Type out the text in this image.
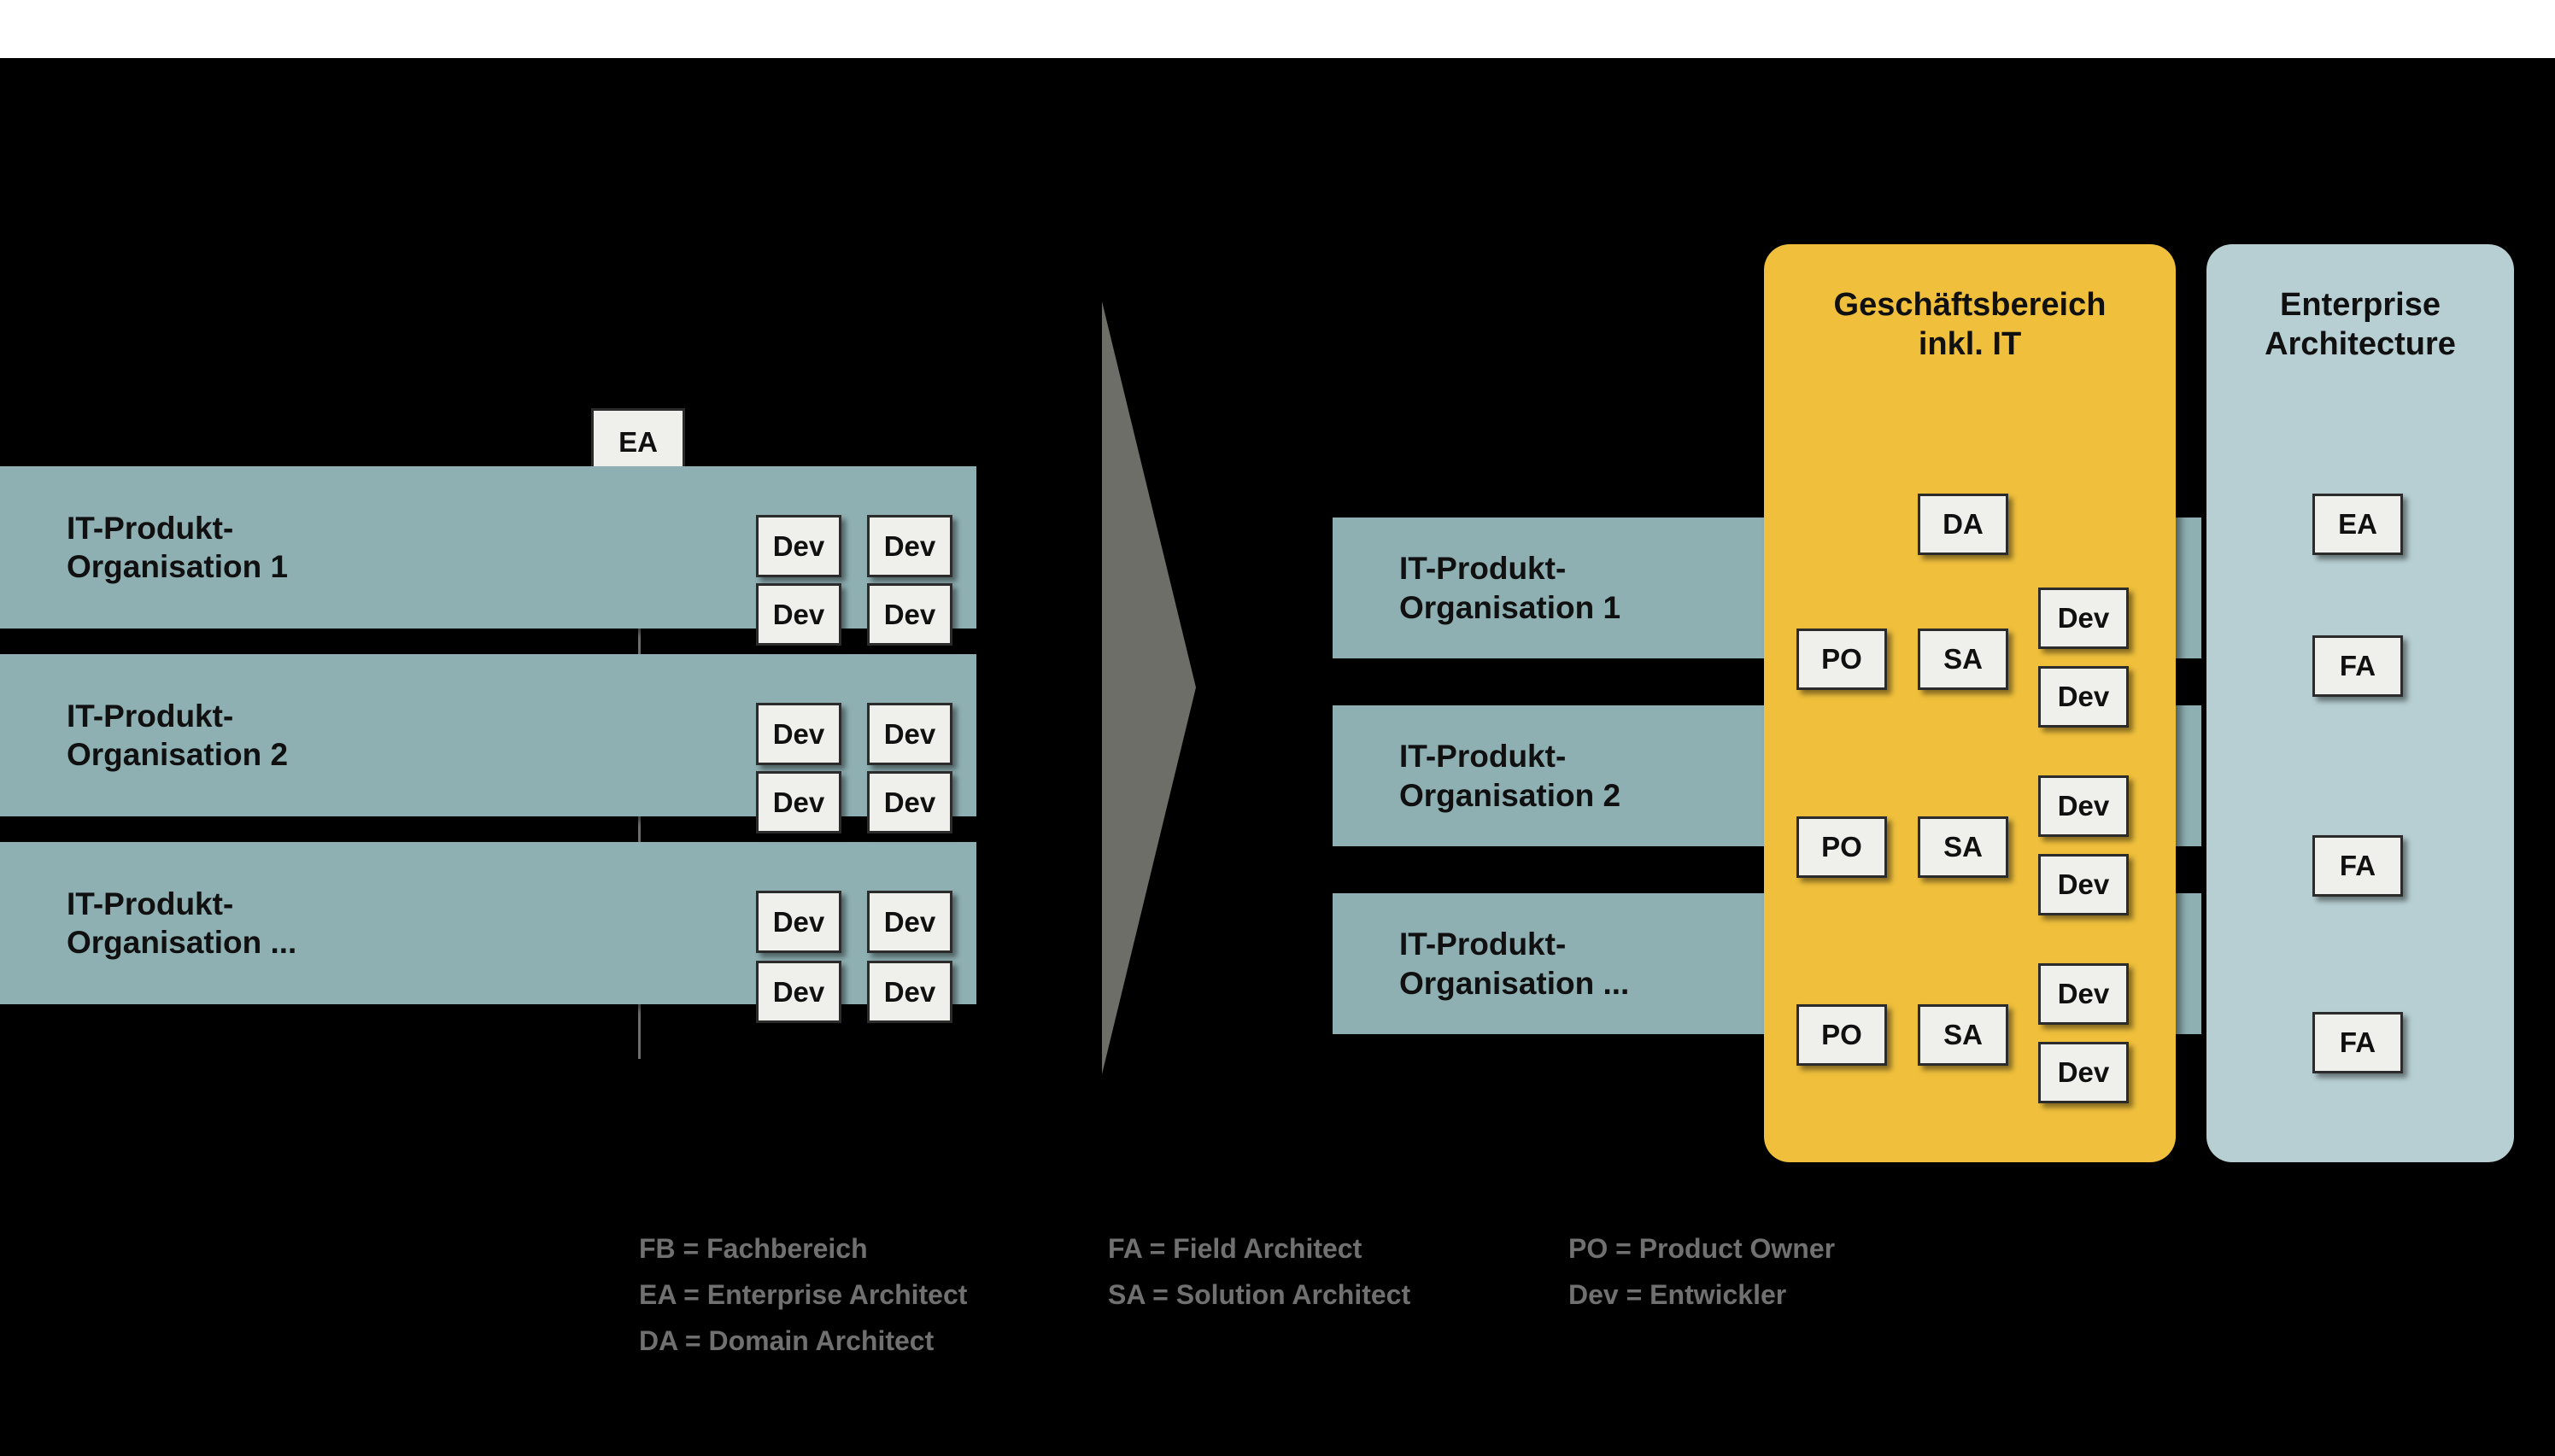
EA
IT-Produkt-
Organisation 1
IT-Produkt-
Organisation 2
IT-Produkt-
Organisation ...
Dev	Dev
Dev	Dev
Dev	Dev
Dev	Dev
Dev	Dev
Dev	Dev
IT-Produkt-
Organisation 1
IT-Produkt-
Organisation 2
IT-Produkt-
Organisation ...
Geschäftsbereich
inkl. IT
DA
PO	SA
Dev
Dev
PO	SA
Dev
Dev
PO	SA
Dev
Dev
Enterprise
Architecture
EA
FA
FA
FA
FB = Fachbereich
EA = Enterprise Architect
DA = Domain Architect
FA = Field Architect
SA = Solution Architect
PO = Product Owner
Dev = Entwickler
